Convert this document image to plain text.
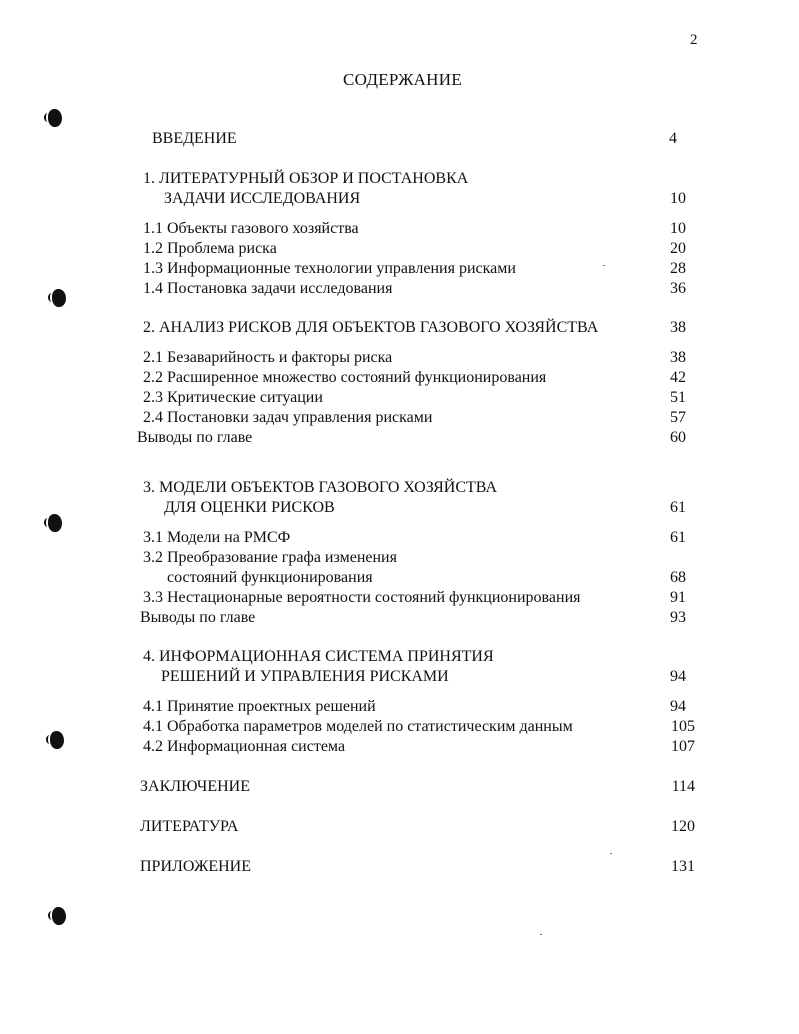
2
СОДЕРЖАНИЕ
ВВЕДЕНИЕ	4
1. ЛИТЕРАТУРНЫЙ ОБЗОР И ПОСТАНОВКА
ЗАДАЧИ ИССЛЕДОВАНИЯ	10
1.1 Объекты газового хозяйства	10
1.2 Проблема риска	20
1.3 Информационные технологии управления рисками	28
1.4 Постановка задачи исследования	36
2. АНАЛИЗ РИСКОВ ДЛЯ ОБЪЕКТОВ ГАЗОВОГО ХОЗЯЙСТВА	38
2.1 Безаварийность и факторы риска	38
2.2 Расширенное множество состояний функционирования	42
2.3 Критические ситуации	51
2.4 Постановки задач управления рисками	57
Выводы по главе	60
3. МОДЕЛИ ОБЪЕКТОВ ГАЗОВОГО ХОЗЯЙСТВА
ДЛЯ ОЦЕНКИ РИСКОВ	61
3.1 Модели на РМСФ	61
3.2 Преобразование графа изменения
состояний функционирования	68
3.3 Нестационарные вероятности состояний функционирования	91
Выводы по главе	93
4. ИНФОРМАЦИОННАЯ СИСТЕМА ПРИНЯТИЯ
РЕШЕНИЙ И УПРАВЛЕНИЯ РИСКАМИ	94
4.1 Принятие проектных решений	94
4.1 Обработка параметров моделей по статистическим данным	105
4.2 Информационная система	107
ЗАКЛЮЧЕНИЕ	114
ЛИТЕРАТУРА	120
ПРИЛОЖЕНИЕ	131
